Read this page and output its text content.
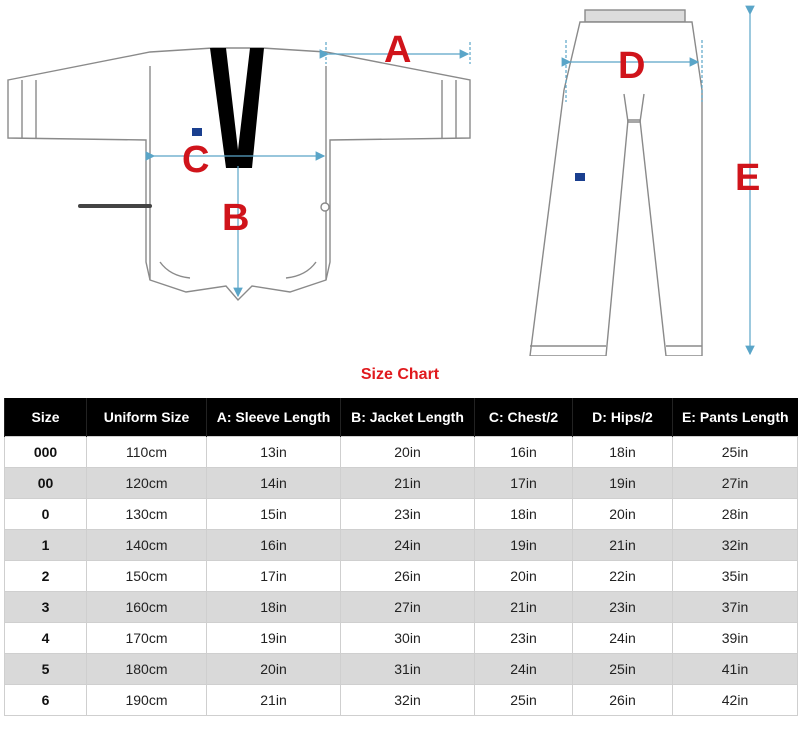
A
C
B
D
E
Size Chart
Size	Uniform Size	A: Sleeve Length	B: Jacket Length	C: Chest/2	D: Hips/2	E: Pants Length
000	110cm	13in	20in	16in	18in	25in
00	120cm	14in	21in	17in	19in	27in
0	130cm	15in	23in	18in	20in	28in
1	140cm	16in	24in	19in	21in	32in
2	150cm	17in	26in	20in	22in	35in
3	160cm	18in	27in	21in	23in	37in
4	170cm	19in	30in	23in	24in	39in
5	180cm	20in	31in	24in	25in	41in
6	190cm	21in	32in	25in	26in	42in
